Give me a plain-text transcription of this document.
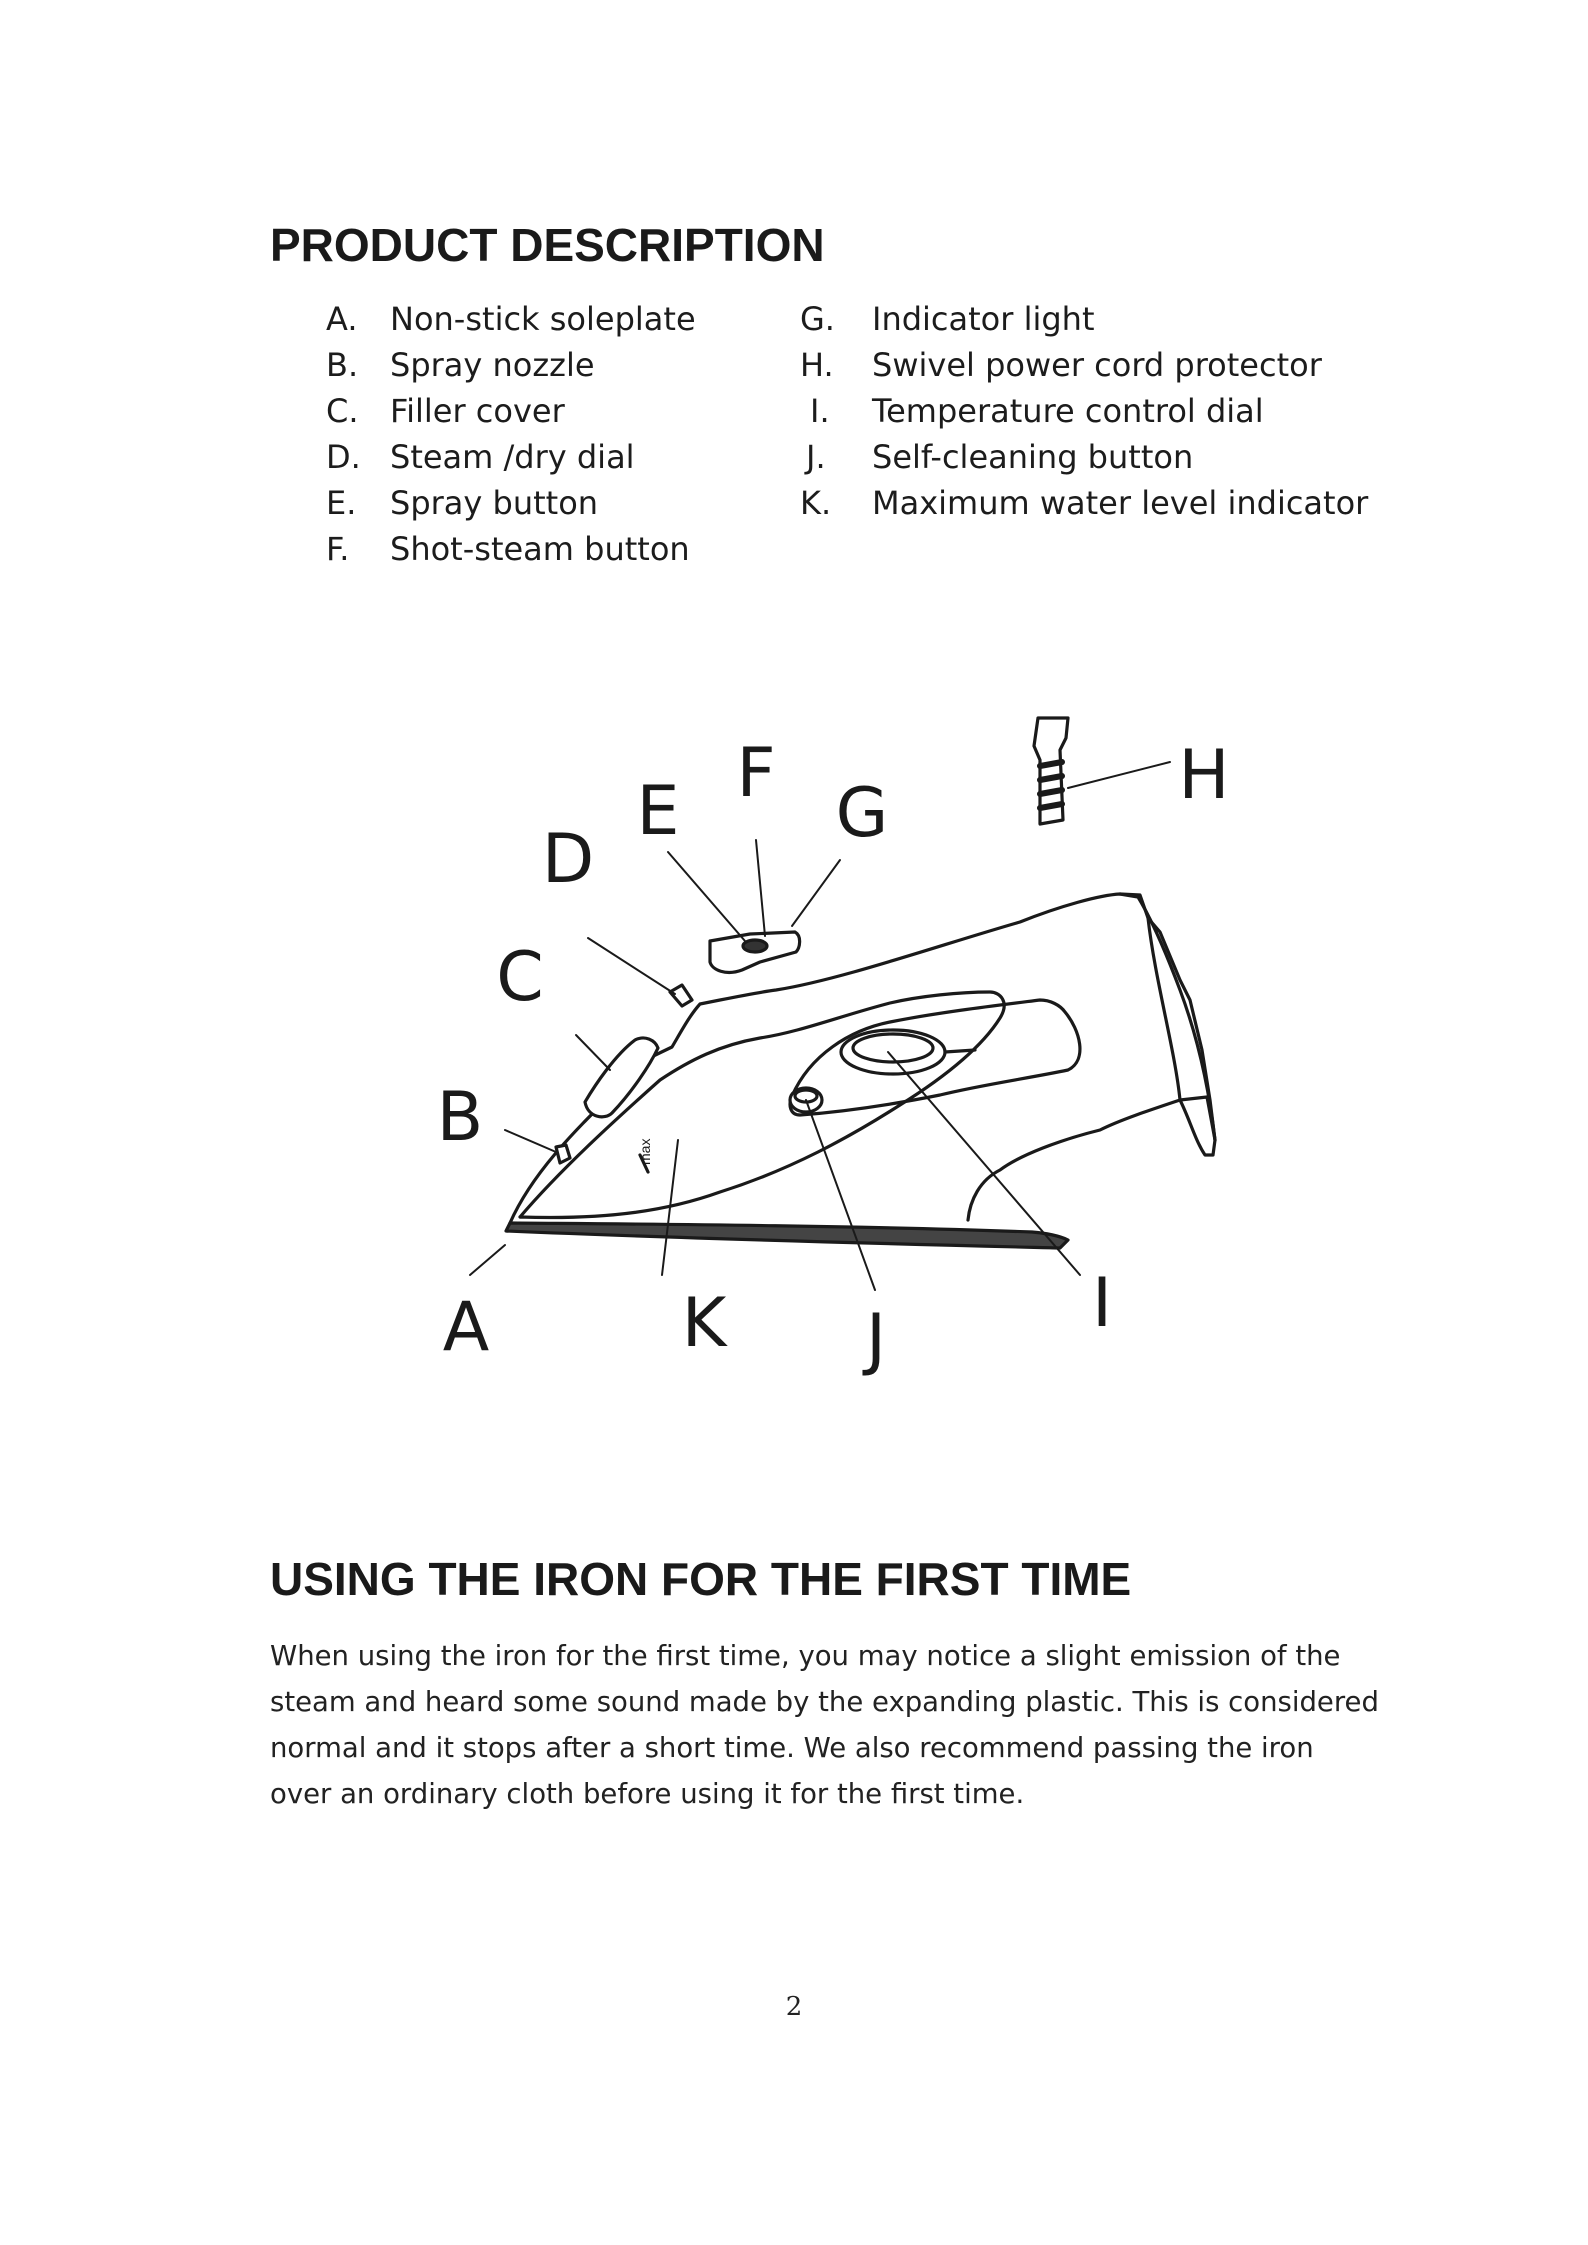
PRODUCT DESCRIPTION
A. Non-stick soleplate
B. Spray nozzle
C. Filler cover
D. Steam /dry dial
E. Spray button
F. Shot-steam button
G. Indicator light
H. Swivel power cord protector
I. Temperature control dial
J. Self-cleaning button
K. Maximum water level indicator
max
A
B
C
D
E F
G	H
I
J
K
USING THE IRON FOR THE FIRST TIME

When using the iron for the first time, you may notice a slight emission of the steam and heard some sound made by the expanding plastic. This is considered normal and it stops after a short time. We also recommend passing the iron over an ordinary cloth before using it for the first time.

2
